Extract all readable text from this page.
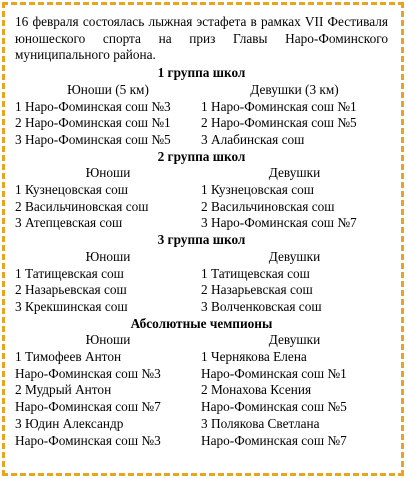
16 февраля состоялась лыжная эстафета в рамках VII Фестиваля юношеского спорта на приз Главы Наро-Фоминского муниципального района.

1 группа школ
Юноши (5 км)	Девушки (3 км)
1 Наро-Фоминская сош №3	1 Наро-Фоминская сош №1
2 Наро-Фоминская сош №1	2 Наро-Фоминская сош №5
3 Наро-Фоминская сош №5	3 Алабинская сош
2 группа школ
Юноши	Девушки
1 Кузнецовская сош	1 Кузнецовская сош
2 Васильчиновская сош	2 Васильчиновская сош
3 Атепцевская сош	3 Наро-Фоминская сош №7
3 группа школ
Юноши	Девушки
1 Татищевская сош	1 Татищевская сош
2 Назарьевская сош	2 Назарьевская сош
3 Крекшинская сош	3 Волченковская сош
Абсолютные чемпионы
Юноши	Девушки
1 Тимофеев Антон	1 Чернякова Елена
Наро-Фоминская сош №3	Наро-Фоминская сош №1
2 Мудрый Антон	2 Монахова Ксения
Наро-Фоминская сош №7	Наро-Фоминская сош №5
3 Юдин Александр	3 Полякова Светлана
Наро-Фоминская сош №3	Наро-Фоминская сош №7
